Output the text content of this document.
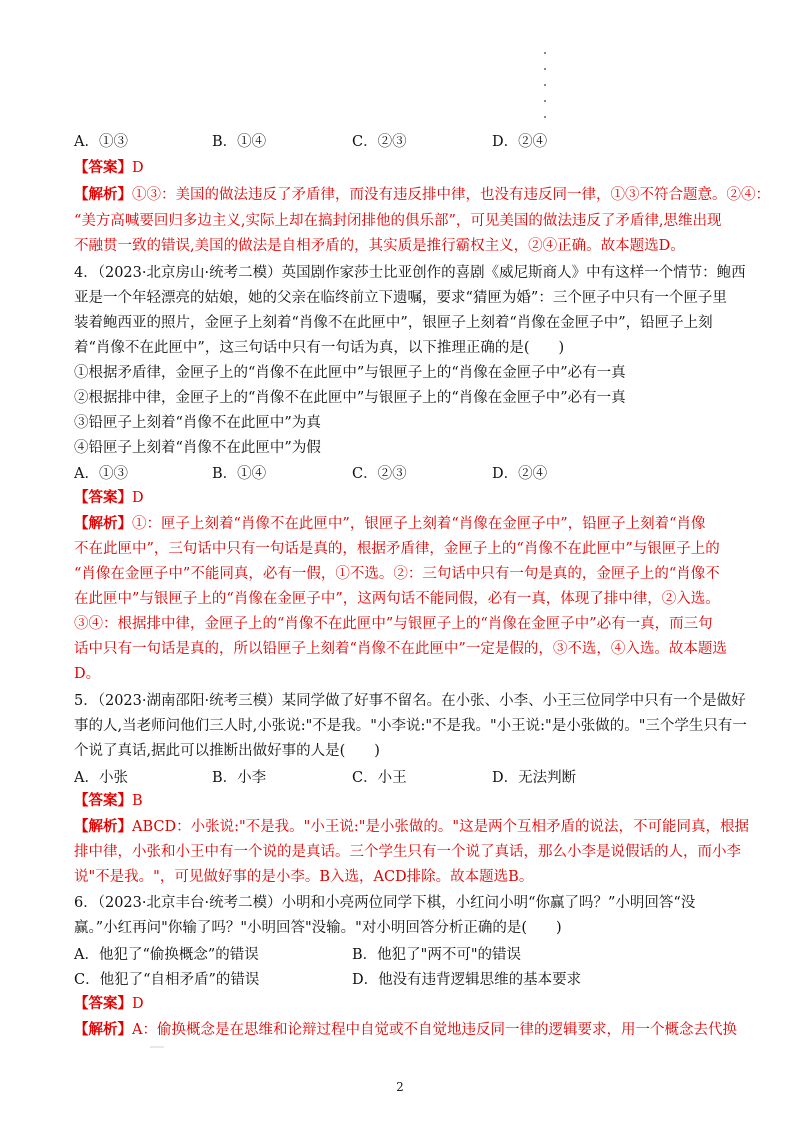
A．①③	B．①④	C．②③	D．②④
【答案】D
【解析】①③：美国的做法违反了矛盾律，而没有违反排中律，也没有违反同一律，①③不符合题意。②④：
“美方高喊要回归多边主义,实际上却在搞封闭排他的俱乐部”，可见美国的做法违反了矛盾律,思维出现
不融贯一致的错误,美国的做法是自相矛盾的，其实质是推行霸权主义，②④正确。故本题选D。
4．（2023·北京房山·统考二模）英国剧作家莎士比亚创作的喜剧《威尼斯商人》中有这样一个情节：鲍西
亚是一个年轻漂亮的姑娘，她的父亲在临终前立下遗嘱，要求“猜匣为婚”：三个匣子中只有一个匣子里
装着鲍西亚的照片，金匣子上刻着“肖像不在此匣中”，银匣子上刻着“肖像在金匣子中”，铅匣子上刻
着“肖像不在此匣中”，这三句话中只有一句话为真，以下推理正确的是(　　)
①根据矛盾律，金匣子上的“肖像不在此匣中”与银匣子上的“肖像在金匣子中”必有一真
②根据排中律，金匣子上的“肖像不在此匣中”与银匣子上的“肖像在金匣子中”必有一真
③铅匣子上刻着“肖像不在此匣中”为真
④铅匣子上刻着“肖像不在此匣中”为假
A．①③	B．①④	C．②③	D．②④
【答案】D
【解析】①：匣子上刻着“肖像不在此匣中”，银匣子上刻着“肖像在金匣子中”，铅匣子上刻着“肖像
不在此匣中”，三句话中只有一句话是真的，根据矛盾律，金匣子上的“肖像不在此匣中”与银匣子上的
“肖像在金匣子中”不能同真，必有一假，①不选。②：三句话中只有一句是真的，金匣子上的“肖像不
在此匣中”与银匣子上的“肖像在金匣子中”，这两句话不能同假，必有一真，体现了排中律，②入选。
③④：根据排中律，金匣子上的“肖像不在此匣中”与银匣子上的“肖像在金匣子中”必有一真，而三句
话中只有一句话是真的，所以铅匣子上刻着“肖像不在此匣中”一定是假的，③不选，④入选。故本题选
D。
5．（2023·湖南邵阳·统考三模）某同学做了好事不留名。在小张、小李、小王三位同学中只有一个是做好
事的人,当老师问他们三人时,小张说:"不是我。"小李说:"不是我。"小王说:"是小张做的。"三个学生只有一
个说了真话,据此可以推断出做好事的人是(　　)
A．小张	B．小李	C．小王	D．无法判断
【答案】B
【解析】ABCD：小张说:"不是我。"小王说:"是小张做的。"这是两个互相矛盾的说法，不可能同真，根据
排中律，小张和小王中有一个说的是真话。三个学生只有一个说了真话，那么小李是说假话的人，而小李
说"不是我。"，可见做好事的是小李。B入选，ACD排除。故本题选B。
6．（2023·北京丰台·统考二模）小明和小亮两位同学下棋，小红问小明“你赢了吗？”小明回答“没
赢。”小红再问"你输了吗？"小明回答"没输。"对小明回答分析正确的是(　　)
A．他犯了“偷换概念”的错误	B．他犯了"两不可"的错误
C．他犯了“自相矛盾”的错误	D．他没有违背逻辑思维的基本要求
【答案】D
【解析】A：偷换概念是在思维和论辩过程中自觉或不自觉地违反同一律的逻辑要求，用一个概念去代换
2
